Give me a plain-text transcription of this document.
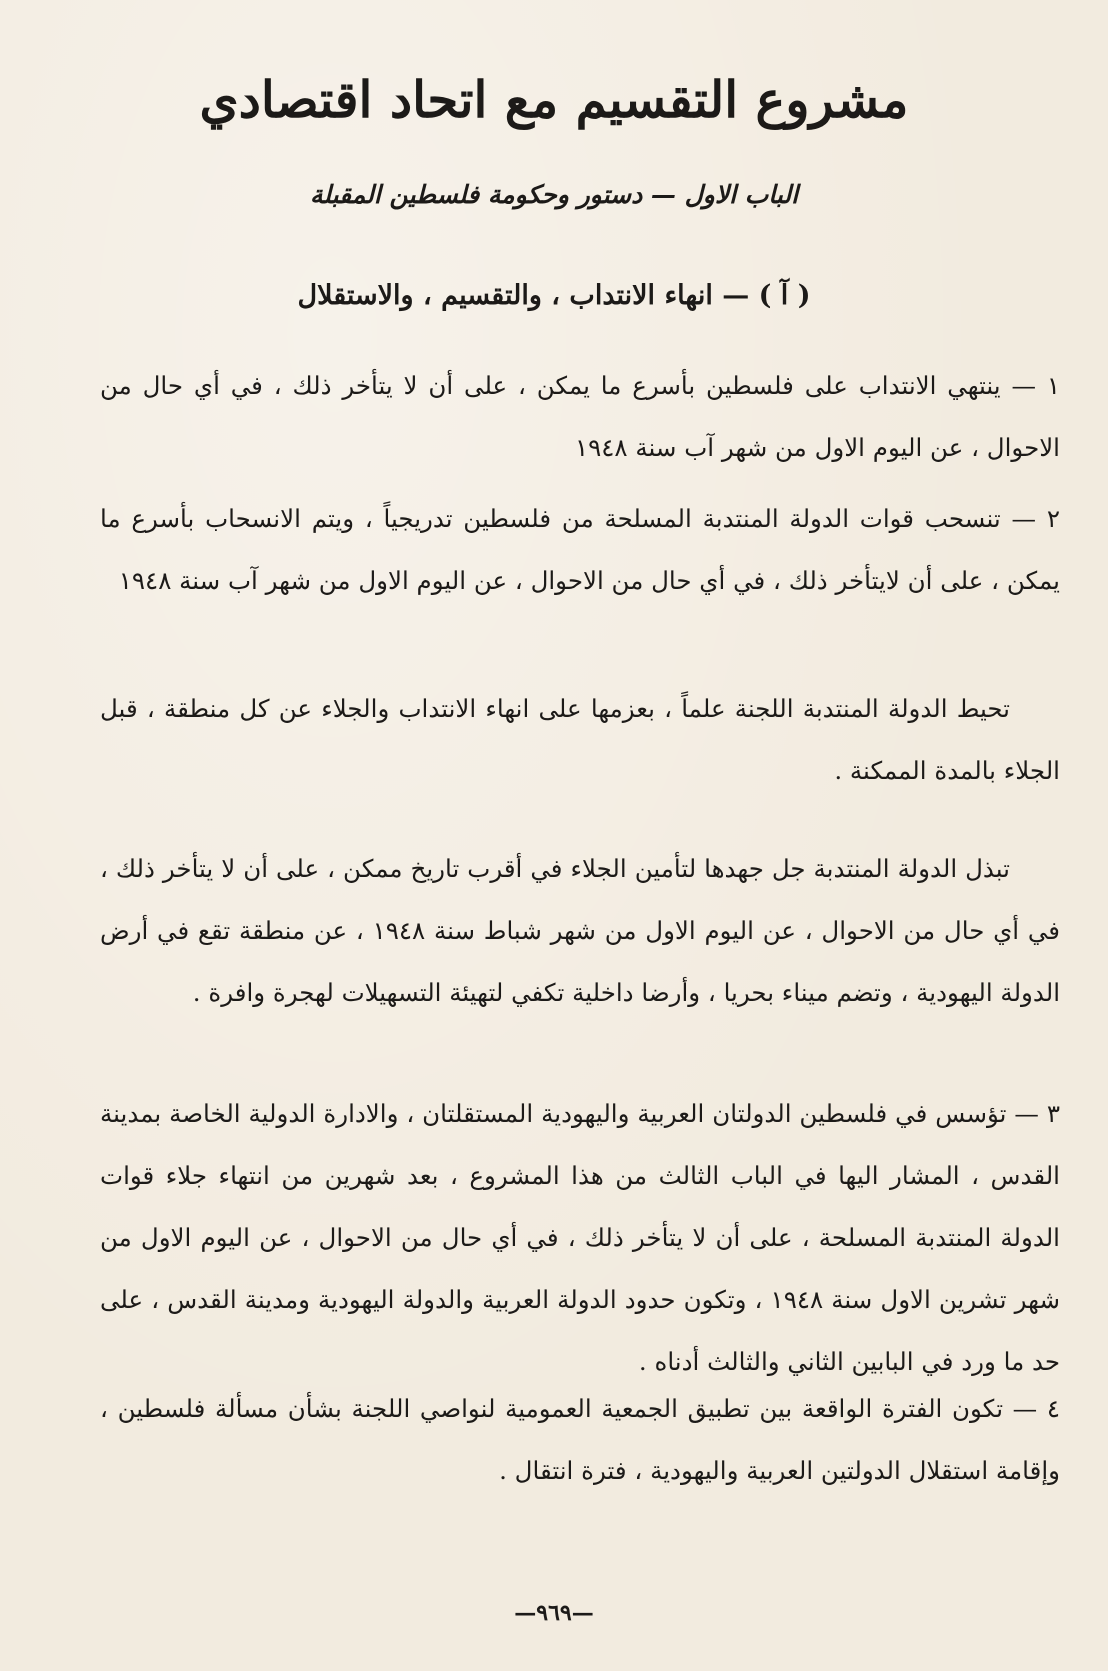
مشروع التقسيم مع اتحاد اقتصادي
الباب الاول — دستور وحكومة فلسطين المقبلة
( آ ) — انهاء الانتداب ، والتقسيم ، والاستقلال

١ — ينتهي الانتداب على فلسطين بأسرع ما يمكن ، على أن لا يتأخر ذلك ، في أي حال من الاحوال ، عن اليوم الاول من شهر آب سنة ١٩٤٨

٢ — تنسحب قوات الدولة المنتدبة المسلحة من فلسطين تدريجياً ، ويتم الانسحاب بأسرع ما يمكن ، على أن لايتأخر ذلك ، في أي حال من الاحوال ، عن اليوم الاول من شهر آب سنة ١٩٤٨

تحيط الدولة المنتدبة اللجنة علماً ، بعزمها على انهاء الانتداب والجلاء عن كل منطقة ، قبل الجلاء بالمدة الممكنة .

تبذل الدولة المنتدبة جل جهدها لتأمين الجلاء في أقرب تاريخ ممكن ، على أن لا يتأخر ذلك ، في أي حال من الاحوال ، عن اليوم الاول من شهر شباط سنة ١٩٤٨ ، عن منطقة تقع في أرض الدولة اليهودية ، وتضم ميناء بحريا ، وأرضا داخلية تكفي لتهيئة التسهيلات لهجرة وافرة .

٣ — تؤسس في فلسطين الدولتان العربية واليهودية المستقلتان ، والادارة الدولية الخاصة بمدينة القدس ، المشار اليها في الباب الثالث من هذا المشروع ، بعد شهرين من انتهاء جلاء قوات الدولة المنتدبة المسلحة ، على أن لا يتأخر ذلك ، في أي حال من الاحوال ، عن اليوم الاول من شهر تشرين الاول سنة ١٩٤٨ ، وتكون حدود الدولة العربية والدولة اليهودية ومدينة القدس ، على حد ما ورد في البابين الثاني والثالث أدناه .

٤ — تكون الفترة الواقعة بين تطبيق الجمعية العمومية لنواصي اللجنة بشأن مسألة فلسطين ، وإقامة استقلال الدولتين العربية واليهودية ، فترة انتقال .

—٩٦٩—
